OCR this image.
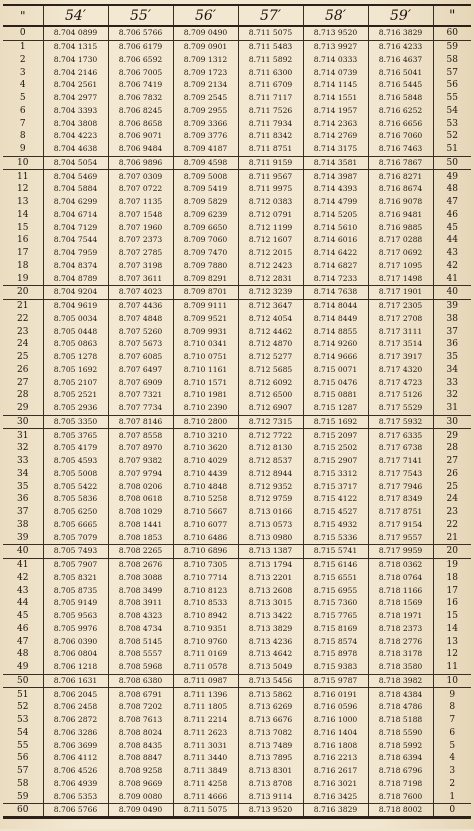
"	54′	55′	56′	57′	58′	59′	"
0	8.704 0899	8.706 5766	8.709 0490	8.711 5075	8.713 9520	8.716 3829	60
1	8.704 1315	8.706 6179	8.709 0901	8.711 5483	8.713 9927	8.716 4233	59
2	8.704 1730	8.706 6592	8.709 1312	8.711 5892	8.714 0333	8.716 4637	58
3	8.704 2146	8.706 7005	8.709 1723	8.711 6300	8.714 0739	8.716 5041	57
4	8.704 2561	8.706 7419	8.709 2134	8.711 6709	8.714 1145	8.716 5445	56
5	8.704 2977	8.706 7832	8.709 2545	8.711 7117	8.714 1551	8.716 5848	55
6	8.704 3393	8.706 8245	8.709 2955	8.711 7526	8.714 1957	8.716 6252	54
7	8.704 3808	8.706 8658	8.709 3366	8.711 7934	8.714 2363	8.716 6656	53
8	8.704 4223	8.706 9071	8.709 3776	8.711 8342	8.714 2769	8.716 7060	52
9	8.704 4638	8.706 9484	8.709 4187	8.711 8751	8.714 3175	8.716 7463	51
10	8.704 5054	8.706 9896	8.709 4598	8.711 9159	8.714 3581	8.716 7867	50
11	8.704 5469	8.707 0309	8.709 5008	8.711 9567	8.714 3987	8.716 8271	49
12	8.704 5884	8.707 0722	8.709 5419	8.711 9975	8.714 4393	8.716 8674	48
13	8.704 6299	8.707 1135	8.709 5829	8.712 0383	8.714 4799	8.716 9078	47
14	8.704 6714	8.707 1548	8.709 6239	8.712 0791	8.714 5205	8.716 9481	46
15	8.704 7129	8.707 1960	8.709 6650	8.712 1199	8.714 5610	8.716 9885	45
16	8.704 7544	8.707 2373	8.709 7060	8.712 1607	8.714 6016	8.717 0288	44
17	8.704 7959	8.707 2785	8.709 7470	8.712 2015	8.714 6422	8.717 0692	43
18	8.704 8374	8.707 3198	8.709 7880	8.712 2423	8.714 6827	8.717 1095	42
19	8.704 8789	8.707 3611	8.709 8291	8.712 2831	8.714 7233	8.717 1498	41
20	8.704 9204	8.707 4023	8.709 8701	8.712 3239	8.714 7638	8.717 1901	40
21	8.704 9619	8.707 4436	8.709 9111	8.712 3647	8.714 8044	8.717 2305	39
22	8.705 0034	8.707 4848	8.709 9521	8.712 4054	8.714 8449	8.717 2708	38
23	8.705 0448	8.707 5260	8.709 9931	8.712 4462	8.714 8855	8.717 3111	37
24	8.705 0863	8.707 5673	8.710 0341	8.712 4870	8.714 9260	8.717 3514	36
25	8.705 1278	8.707 6085	8.710 0751	8.712 5277	8.714 9666	8.717 3917	35
26	8.705 1692	8.707 6497	8.710 1161	8.712 5685	8.715 0071	8.717 4320	34
27	8.705 2107	8.707 6909	8.710 1571	8.712 6092	8.715 0476	8.717 4723	33
28	8.705 2521	8.707 7321	8.710 1981	8.712 6500	8.715 0881	8.717 5126	32
29	8.705 2936	8.707 7734	8.710 2390	8.712 6907	8.715 1287	8.717 5529	31
30	8.705 3350	8.707 8146	8.710 2800	8.712 7315	8.715 1692	8.717 5932	30
31	8.705 3765	8.707 8558	8.710 3210	8.712 7722	8.715 2097	8.717 6335	29
32	8.705 4179	8.707 8970	8.710 3620	8.712 8130	8.715 2502	8.717 6738	28
33	8.705 4593	8.707 9382	8.710 4029	8.712 8537	8.715 2907	8.717 7141	27
34	8.705 5008	8.707 9794	8.710 4439	8.712 8944	8.715 3312	8.717 7543	26
35	8.705 5422	8.708 0206	8.710 4848	8.712 9352	8.715 3717	8.717 7946	25
36	8.705 5836	8.708 0618	8.710 5258	8.712 9759	8.715 4122	8.717 8349	24
37	8.705 6250	8.708 1029	8.710 5667	8.713 0166	8.715 4527	8.717 8751	23
38	8.705 6665	8.708 1441	8.710 6077	8.713 0573	8.715 4932	8.717 9154	22
39	8.705 7079	8.708 1853	8.710 6486	8.713 0980	8.715 5336	8.717 9557	21
40	8.705 7493	8.708 2265	8.710 6896	8.713 1387	8.715 5741	8.717 9959	20
41	8.705 7907	8.708 2676	8.710 7305	8.713 1794	8.715 6146	8.718 0362	19
42	8.705 8321	8.708 3088	8.710 7714	8.713 2201	8.715 6551	8.718 0764	18
43	8.705 8735	8.708 3499	8.710 8123	8.713 2608	8.715 6955	8.718 1166	17
44	8.705 9149	8.708 3911	8.710 8533	8.713 3015	8.715 7360	8.718 1569	16
45	8.705 9563	8.708 4323	8.710 8942	8.713 3422	8.715 7765	8.718 1971	15
46	8.705 9976	8.708 4734	8.710 9351	8.713 3829	8.715 8169	8.718 2373	14
47	8.706 0390	8.708 5145	8.710 9760	8.713 4236	8.715 8574	8.718 2776	13
48	8.706 0804	8.708 5557	8.711 0169	8.713 4642	8.715 8978	8.718 3178	12
49	8.706 1218	8.708 5968	8.711 0578	8.713 5049	8.715 9383	8.718 3580	11
50	8.706 1631	8.708 6380	8.711 0987	8.713 5456	8.715 9787	8.718 3982	10
51	8.706 2045	8.708 6791	8.711 1396	8.713 5862	8.716 0191	8.718 4384	9
52	8.706 2458	8.708 7202	8.711 1805	8.713 6269	8.716 0596	8.718 4786	8
53	8.706 2872	8.708 7613	8.711 2214	8.713 6676	8.716 1000	8.718 5188	7
54	8.706 3286	8.708 8024	8.711 2623	8.713 7082	8.716 1404	8.718 5590	6
55	8.706 3699	8.708 8435	8.711 3031	8.713 7489	8.716 1808	8.718 5992	5
56	8.706 4112	8.708 8847	8.711 3440	8.713 7895	8.716 2213	8.718 6394	4
57	8.706 4526	8.708 9258	8.711 3849	8.713 8301	8.716 2617	8.718 6796	3
58	8.706 4939	8.708 9669	8.711 4258	8.713 8708	8.716 3021	8.718 7198	2
59	8.706 5353	8.709 0080	8.711 4666	8.713 9114	8.716 3425	8.718 7600	1
60	8.706 5766	8.709 0490	8.711 5075	8.713 9520	8.716 3829	8.718 8002	0
